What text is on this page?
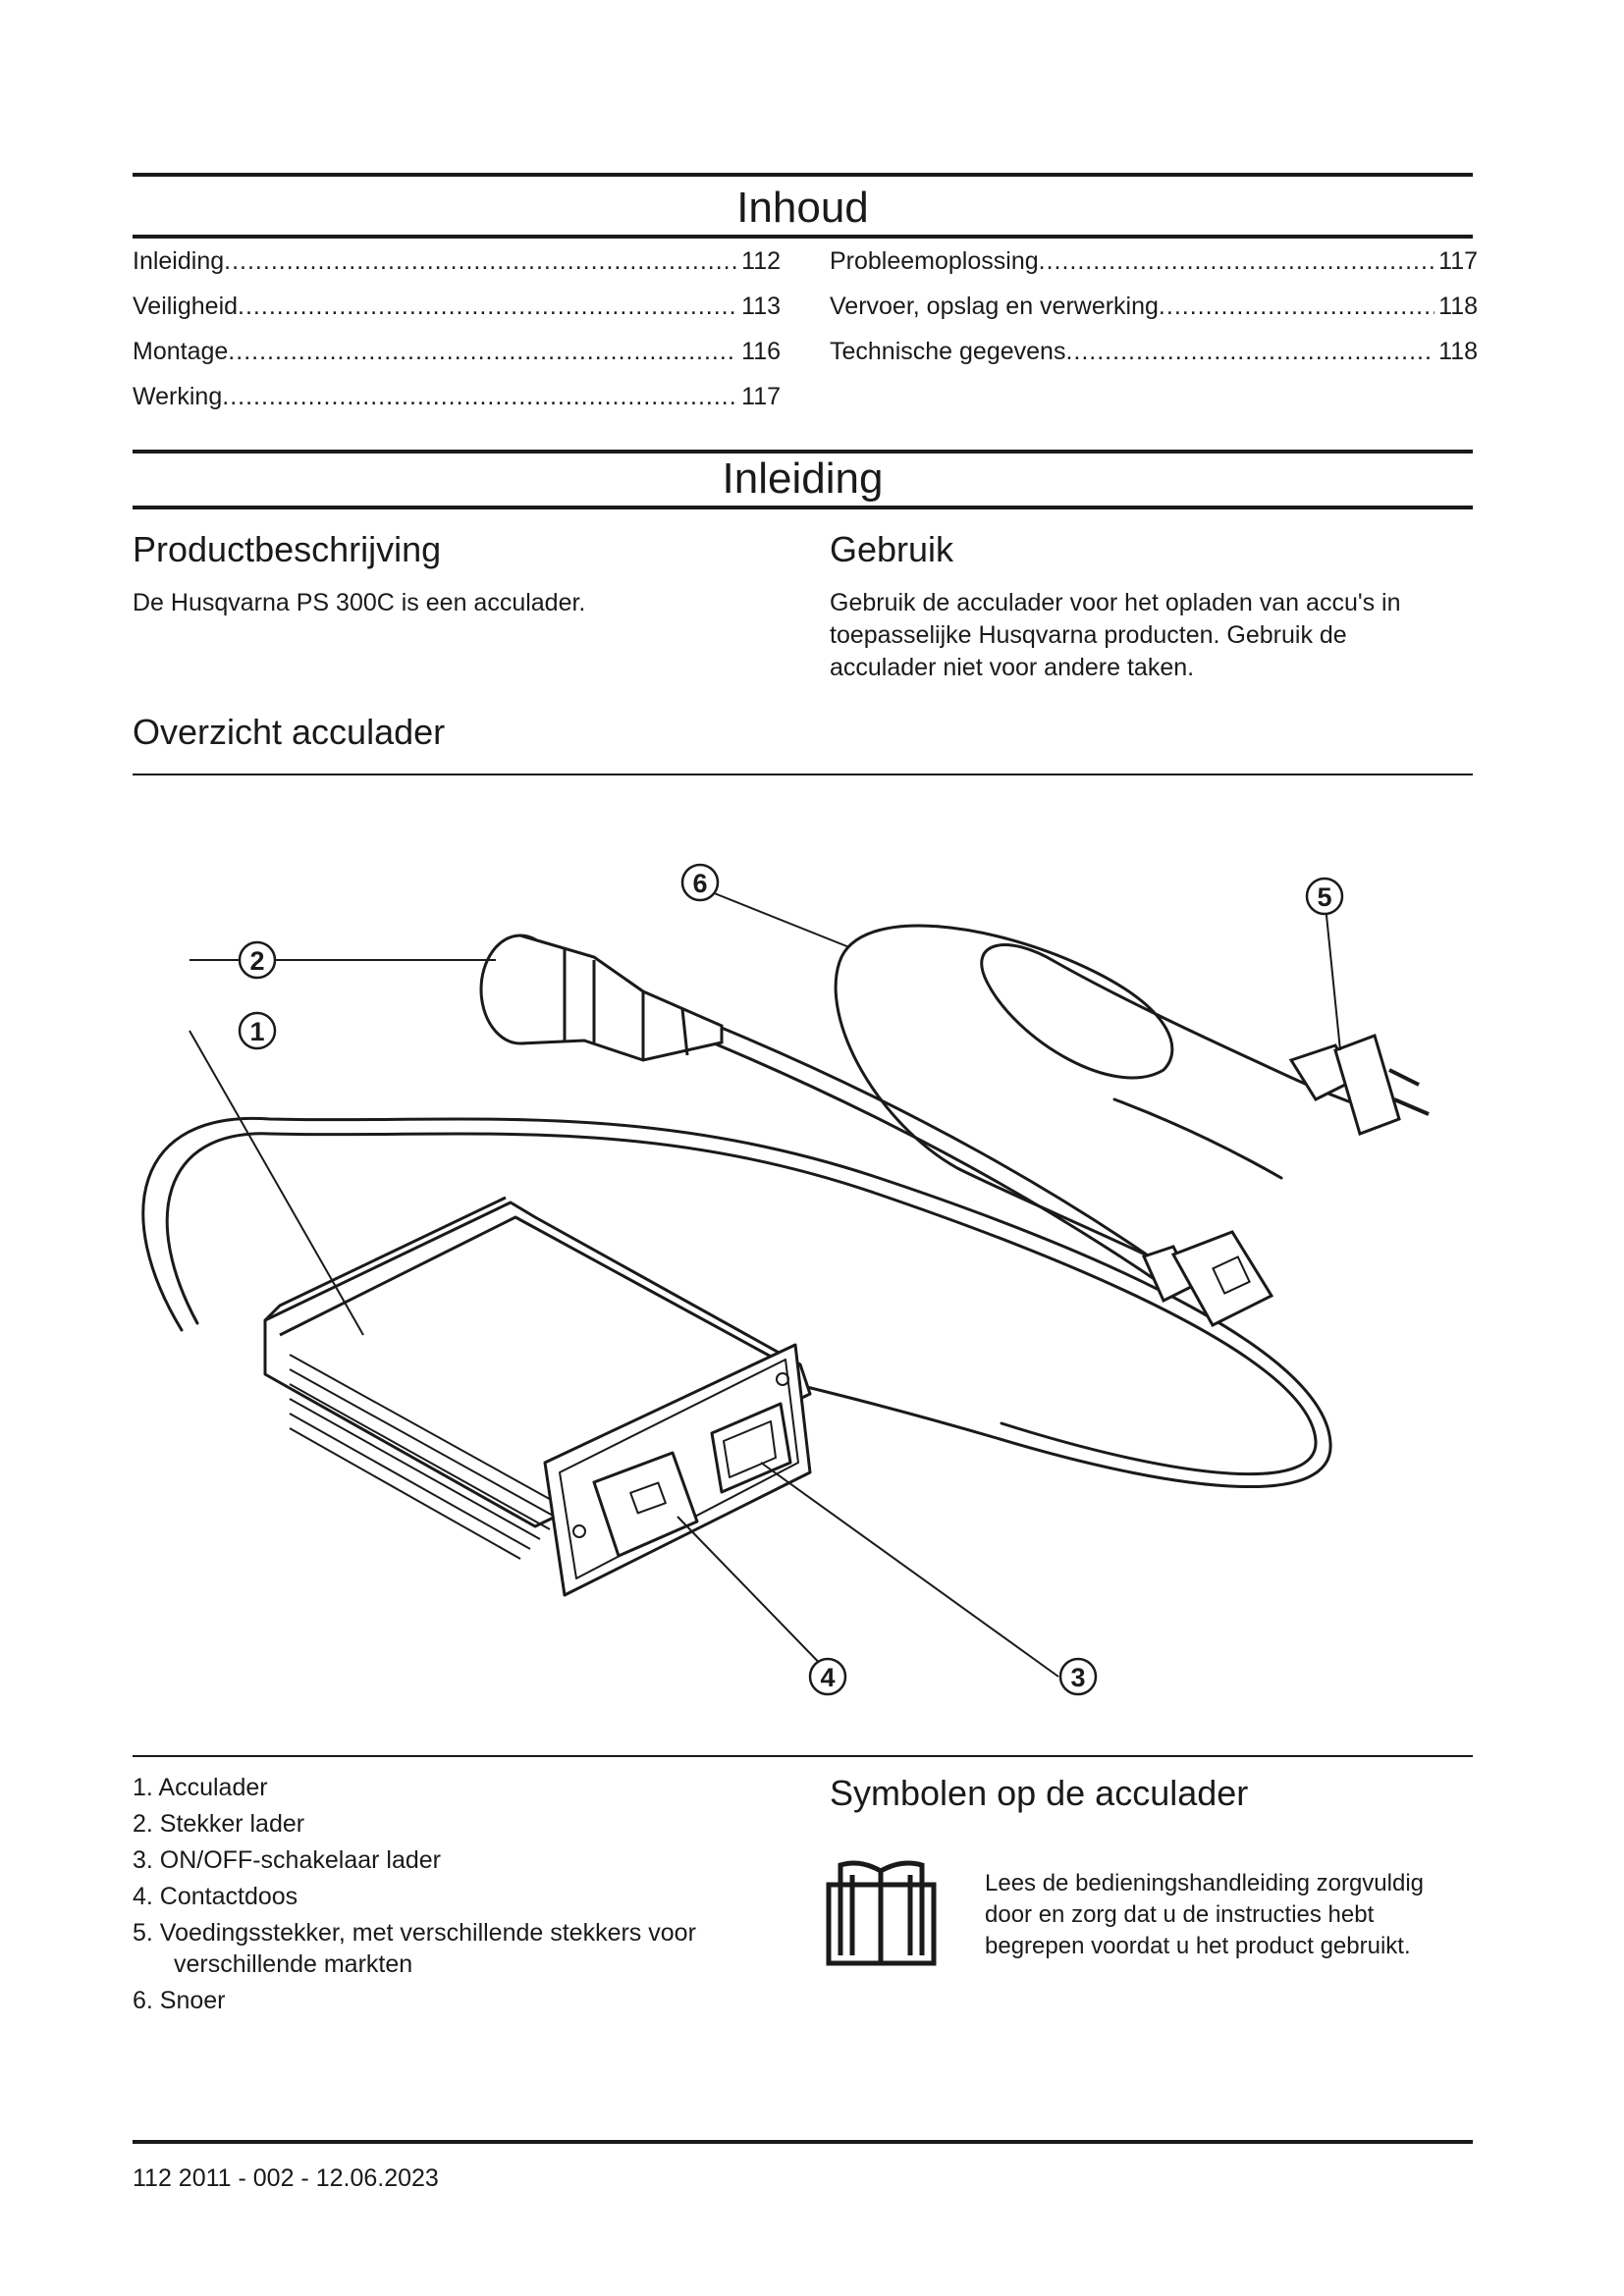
Inhoud
Inleiding .....	112
Veiligheid .....	113
Montage .....	116
Werking .....	117
Probleemoplossing .....	117
Vervoer, opslag en verwerking .....	118
Technische gegevens .....	118
Inleiding
Productbeschrijving

De Husqvarna PS 300C is een acculader.

Gebruik

Gebruik de acculader voor het opladen van accu's in toepasselijke Husqvarna producten. Gebruik de acculader niet voor andere taken.

Overzicht acculader
2
1
6	5
4	3
1. Acculader
2. Stekker lader
3. ON/OFF-schakelaar lader
4. Contactdoos
5. Voedingsstekker, met verschillende stekkers voor verschillende markten
6. Snoer
Symbolen op de acculader

Lees de bedieningshandleiding zorgvuldig door en zorg dat u de instructies hebt begrepen voordat u het product gebruikt.

112 2011 - 002 - 12.06.2023
